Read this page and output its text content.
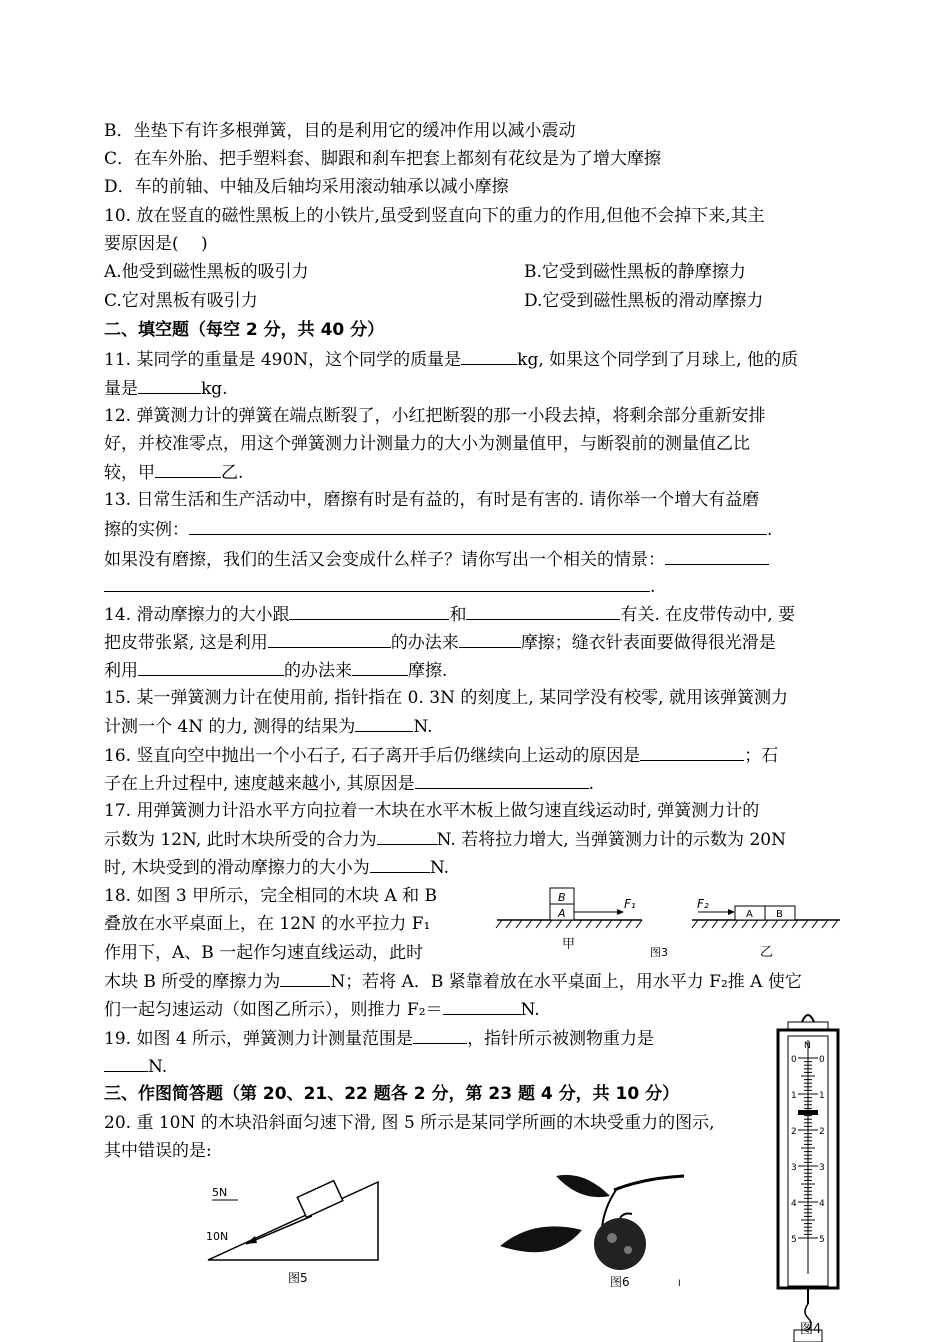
B．坐垫下有许多根弹簧，目的是利用它的缓冲作用以减小震动
C．在车外胎、把手塑料套、脚跟和刹车把套上都刻有花纹是为了增大摩擦
D．车的前轴、中轴及后轴均采用滚动轴承以减小摩擦
10. 放在竖直的磁性黑板上的小铁片,虽受到竖直向下的重力的作用,但他不会掉下来,其主
要原因是(　 )
A.他受到磁性黑板的吸引力	B.它受到磁性黑板的静摩擦力
C.它对黑板有吸引力	D.它受到磁性黑板的滑动摩擦力
二、填空题（每空 2 分，共 40 分）
11. 某同学的重量是 490N，这个同学的质量是	kg, 如果这个同学到了月球上, 他的质
量是	kg.
12. 弹簧测力计的弹簧在端点断裂了，小红把断裂的那一小段去掉，将剩余部分重新安排
好，并校准零点，用这个弹簧测力计测量力的大小为测量值甲，与断裂前的测量值乙比
较，甲	乙.
13. 日常生活和生产活动中，磨擦有时是有益的，有时是有害的. 请你举一个增大有益磨
擦的实例：	.
如果没有磨擦，我们的生活又会变成什么样子？请你写出一个相关的情景：
.
14. 滑动摩擦力的大小跟	和	有关. 在皮带传动中, 要
把皮带张紧, 这是利用	的办法来	摩擦；缝衣针表面要做得很光滑是
利用	的办法来	摩擦.
15. 某一弹簧测力计在使用前, 指针指在 0. 3N 的刻度上, 某同学没有校零, 就用该弹簧测力
计测一个 4N 的力, 测得的结果为	N.
16. 竖直向空中抛出一个小石子, 石子离开手后仍继续向上运动的原因是	；石
子在上升过程中, 速度越来越小, 其原因是	.
17. 用弹簧测力计沿水平方向拉着一木块在水平木板上做匀速直线运动时, 弹簧测力计的
示数为 12N, 此时木块所受的合力为	N. 若将拉力增大, 当弹簧测力计的示数为 20N
时, 木块受到的滑动摩擦力的大小为	N.
18. 如图 3 甲所示，完全相同的木块 A 和 B
叠放在水平桌面上，在 12N 的水平拉力 F₁
作用下，A、B 一起作匀速直线运动，此时
木块 B 所受的摩擦力为	N；若将 A．B 紧靠着放在水平桌面上，用水平力 F₂推 A 使它
们一起匀速运动（如图乙所示），则推力 F₂＝	N.
19. 如图 4 所示，弹簧测力计测量范围是	，指针所示被测物重力是
N.
三、作图简答题（第 20、21、22 题各 2 分，第 23 题 4 分，共 10 分）
20. 重 10N 的木块沿斜面匀速下滑, 图 5 所示是某同学所画的木块受重力的图示,
其中错误的是:
B
A
F₁
甲
图3
F₂
A B
乙
N
0
1
2
3
4
5
0
1
2
3
4
5
图4
5N
10N
图5	图6	I
